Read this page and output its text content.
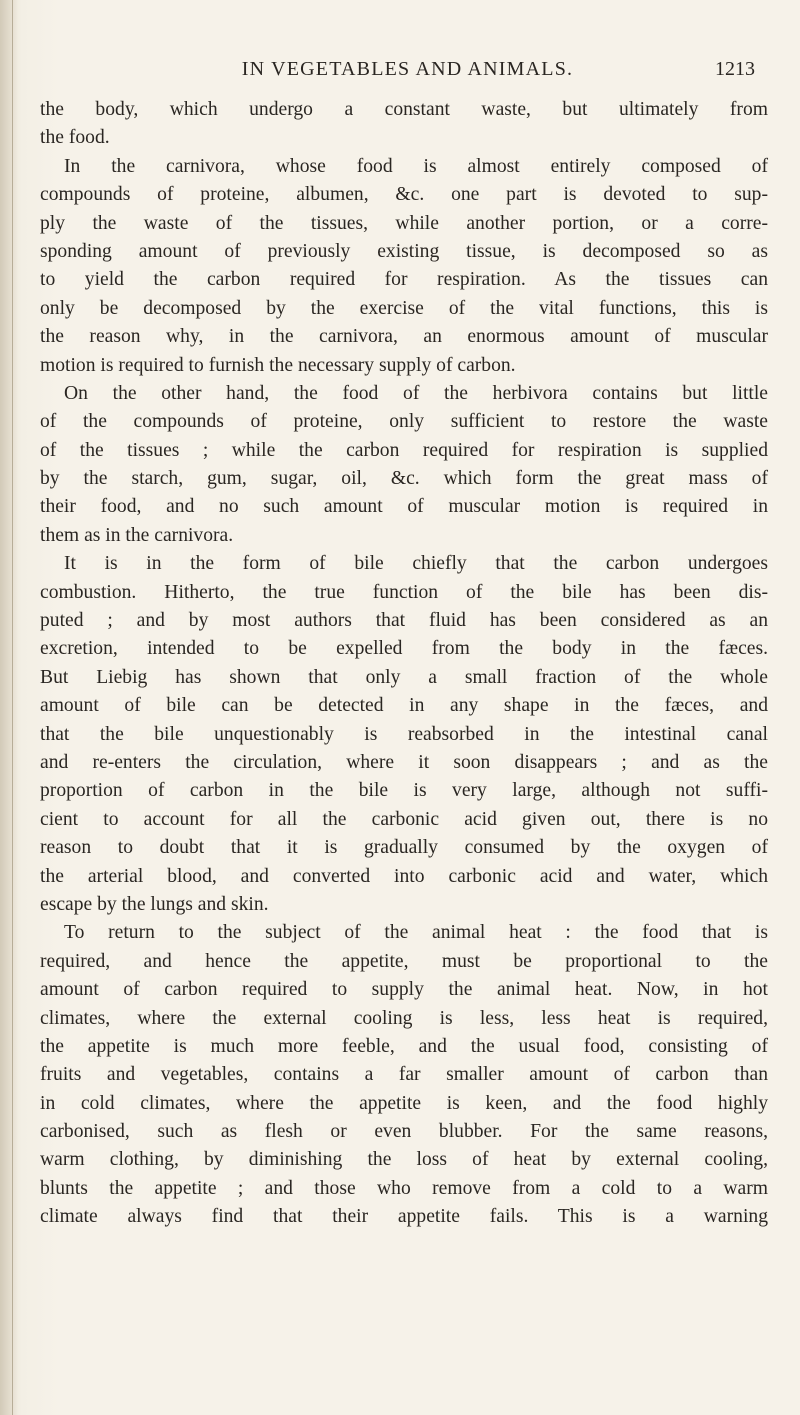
IN VEGETABLES AND ANIMALS.	1213
the body, which undergo a constant waste, but ultimately from
the food.
In the carnivora, whose food is almost entirely composed of
compounds of proteine, albumen, &c. one part is devoted to sup-
ply the waste of the tissues, while another portion, or a corre-
sponding amount of previously existing tissue, is decomposed so as
to yield the carbon required for respiration. As the tissues can
only be decomposed by the exercise of the vital functions, this is
the reason why, in the carnivora, an enormous amount of muscular
motion is required to furnish the necessary supply of carbon.
On the other hand, the food of the herbivora contains but little
of the compounds of proteine, only sufficient to restore the waste
of the tissues ; while the carbon required for respiration is supplied
by the starch, gum, sugar, oil, &c. which form the great mass of
their food, and no such amount of muscular motion is required in
them as in the carnivora.
It is in the form of bile chiefly that the carbon undergoes
combustion. Hitherto, the true function of the bile has been dis-
puted ; and by most authors that fluid has been considered as an
excretion, intended to be expelled from the body in the fæces.
But Liebig has shown that only a small fraction of the whole
amount of bile can be detected in any shape in the fæces, and
that the bile unquestionably is reabsorbed in the intestinal canal
and re-enters the circulation, where it soon disappears ; and as the
proportion of carbon in the bile is very large, although not suffi-
cient to account for all the carbonic acid given out, there is no
reason to doubt that it is gradually consumed by the oxygen of
the arterial blood, and converted into carbonic acid and water, which
escape by the lungs and skin.
To return to the subject of the animal heat : the food that is
required, and hence the appetite, must be proportional to the
amount of carbon required to supply the animal heat. Now, in hot
climates, where the external cooling is less, less heat is required,
the appetite is much more feeble, and the usual food, consisting of
fruits and vegetables, contains a far smaller amount of carbon than
in cold climates, where the appetite is keen, and the food highly
carbonised, such as flesh or even blubber. For the same reasons,
warm clothing, by diminishing the loss of heat by external cooling,
blunts the appetite ; and those who remove from a cold to a warm
climate always find that their appetite fails. This is a warning
